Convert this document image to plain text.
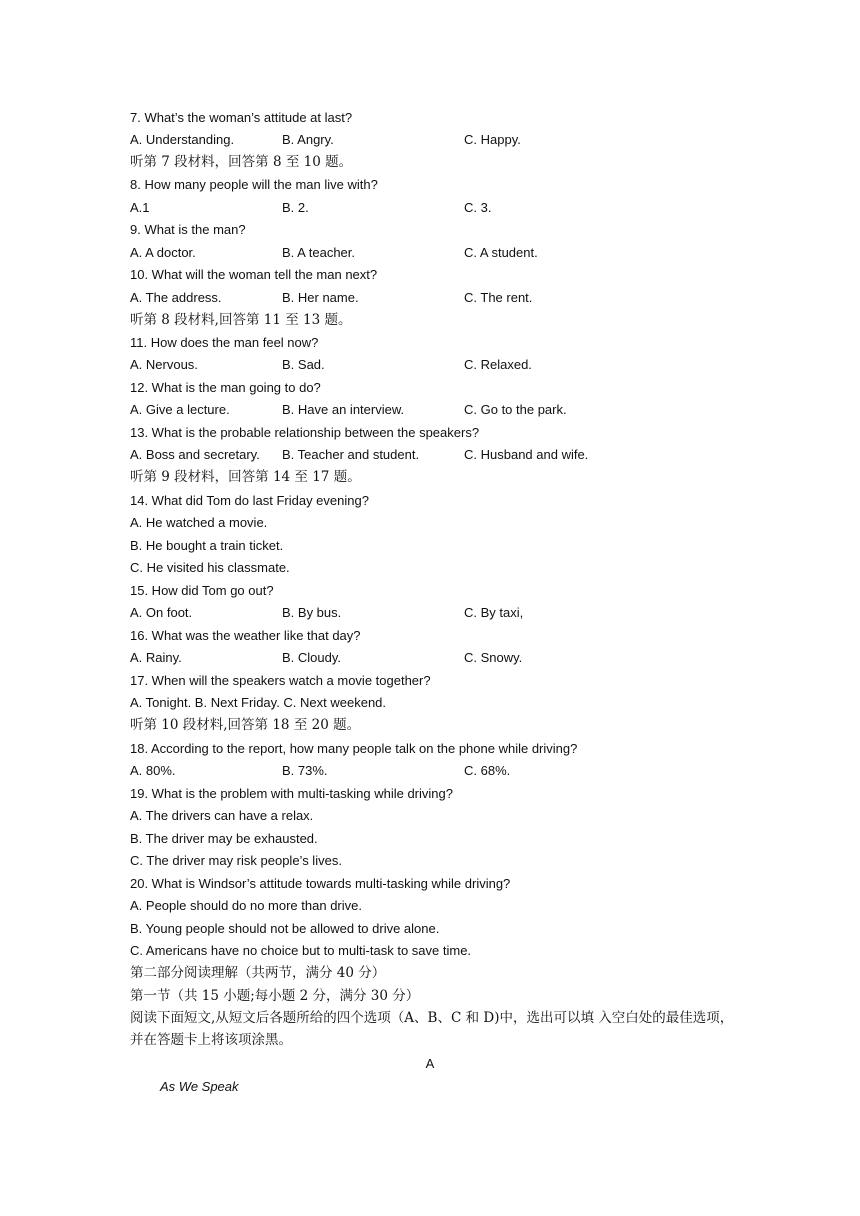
7. What’s the woman’s attitude at last?
A. Understanding.	B. Angry.	C. Happy.
听第 7 段材料，回答第 8 至 10 题。
8. How many people will the man live with?
A.1	B. 2.	C. 3.
9. What is the man?
A. A doctor.	B. A teacher.	C. A student.
10. What will the woman tell the man next?
A. The address.	B. Her name.	C. The rent.
听第 8 段材料,回答第 11 至 13 题。
11. How does the man feel now?
A. Nervous.	B. Sad.	C. Relaxed.
12. What is the man going to do?
A. Give a lecture.	B. Have an interview.	C. Go to the park.
13. What is the probable relationship between the speakers?
A. Boss and secretary. B. Teacher and student.	C. Husband and wife.
听第 9 段材料，回答第 14 至 17 题。
14. What did Tom do last Friday evening?
A. He watched a movie.
B. He bought a train ticket.
C. He visited his classmate.
15. How did Tom go out?
A. On foot.	B. By bus.	C. By taxi,
16. What was the weather like that day?
A. Rainy.	B. Cloudy.	C. Snowy.
17. When will the speakers watch a movie together?
A. Tonight. B. Next Friday. C. Next weekend.
听第 10 段材料,回答第 18 至 20 题。
18. According to the report, how many people talk on the phone while driving?
A. 80%.	B. 73%.	C. 68%.
19. What is the problem with multi-tasking while driving?
A. The drivers can have a relax.
B. The driver may be exhausted.
C. The driver may risk people’s lives.
20. What is Windsor’s attitude towards multi-tasking while driving?
A. People should do no more than drive.
B. Young people should not be allowed to drive alone.
C. Americans have no choice but to multi-task to save time.
第二部分阅读理解（共两节，满分 40 分）
第一节（共 15 小题;每小题 2 分，满分 30 分）
阅读下面短文,从短文后各题所给的四个选项（A、B、C 和 D)中，选出可以填 入空白处的最佳选项，并在答题卡上将该项涂黑。
A
As We Speak
